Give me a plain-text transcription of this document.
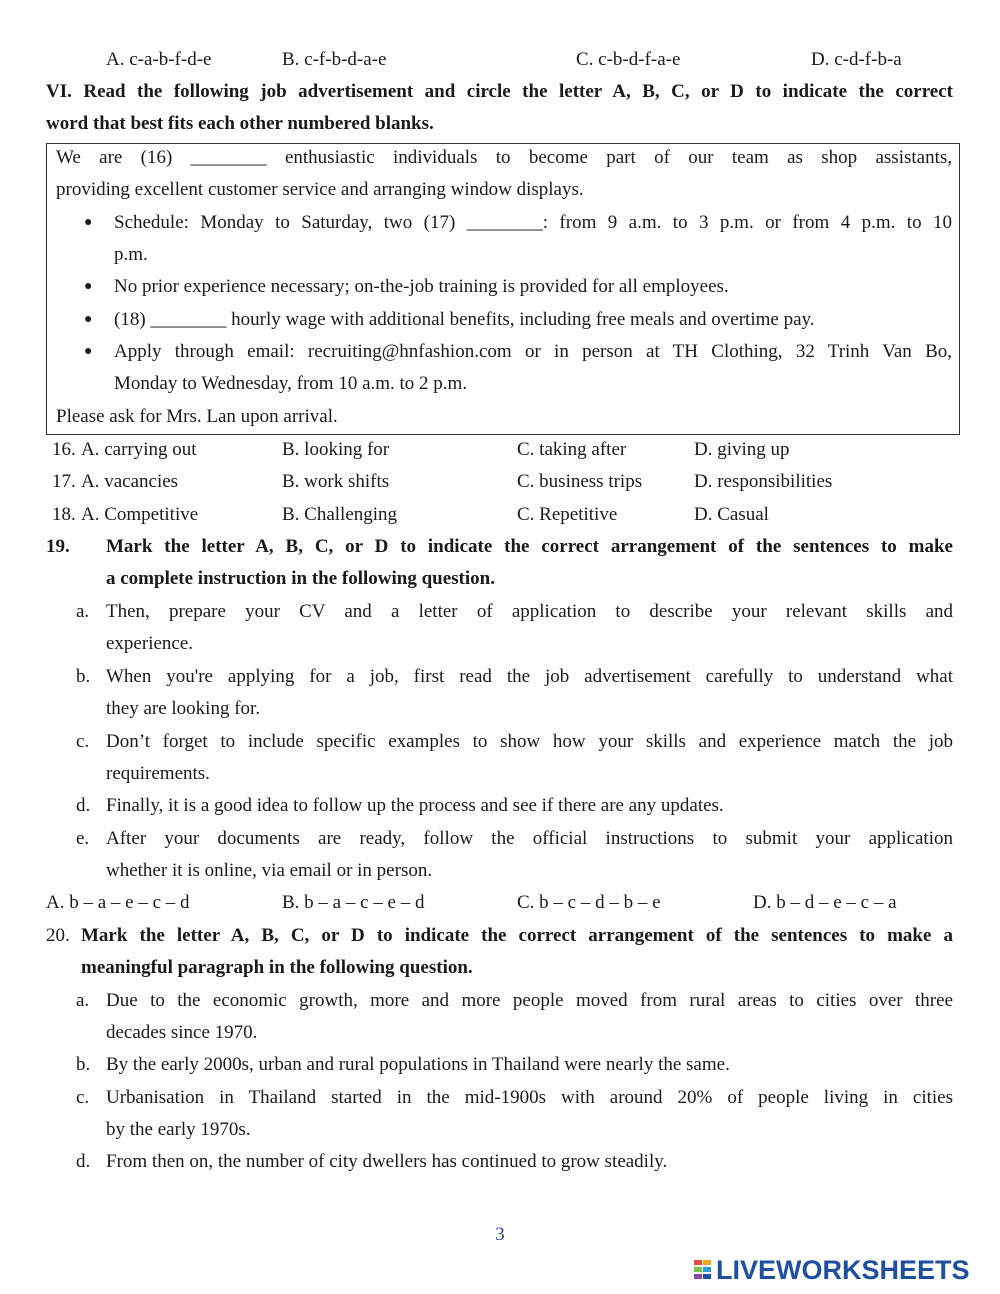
A. c-a-b-f-d-e	B. c-f-b-d-a-e	C. c-b-d-f-a-e	D. c-d-f-b-a
VI. Read the following job advertisement and circle the letter A, B, C, or D to indicate the correct
word that best fits each other numbered blanks.
We are (16) ________ enthusiastic individuals to become part of our team as shop assistants,
providing excellent customer service and arranging window displays.
● Schedule: Monday to Saturday, two (17) ________: from 9 a.m. to 3 p.m. or from 4 p.m. to 10
p.m.
● No prior experience necessary; on-the-job training is provided for all employees.
● (18) ________ hourly wage with additional benefits, including free meals and overtime pay.
● Apply through email: recruiting@hnfashion.com or in person at TH Clothing, 32 Trinh Van Bo,
Monday to Wednesday, from 10 a.m. to 2 p.m.
Please ask for Mrs. Lan upon arrival.
16. A. carrying out	B. looking for	C. taking after	D. giving up
17. A. vacancies	B. work shifts	C. business trips	D. responsibilities
18. A. Competitive	B. Challenging	C. Repetitive	D. Casual
19. Mark the letter A, B, C, or D to indicate the correct arrangement of the sentences to make
a complete instruction in the following question.
a. Then, prepare your CV and a letter of application to describe your relevant skills and
experience.
b. When you're applying for a job, first read the job advertisement carefully to understand what
they are looking for.
c. Don’t forget to include specific examples to show how your skills and experience match the job
requirements.
d. Finally, it is a good idea to follow up the process and see if there are any updates.
e. After your documents are ready, follow the official instructions to submit your application
whether it is online, via email or in person.
A. b – a – e – c – d	B. b – a – c – e – d	C. b – c – d – b – e	D. b – d – e – c – a
20. Mark the letter A, B, C, or D to indicate the correct arrangement of the sentences to make a
meaningful paragraph in the following question.
a. Due to the economic growth, more and more people moved from rural areas to cities over three
decades since 1970.
b. By the early 2000s, urban and rural populations in Thailand were nearly the same.
c. Urbanisation in Thailand started in the mid-1900s with around 20% of people living in cities
by the early 1970s.
d. From then on, the number of city dwellers has continued to grow steadily.
3
LIVEWORKSHEETS
